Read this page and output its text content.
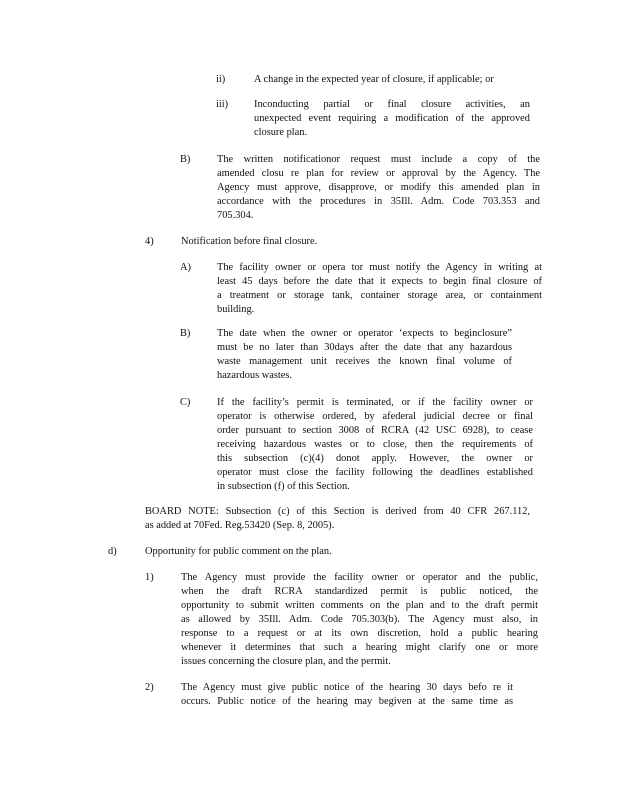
ii)	A change in the expected year of closure, if applicable; or
iii) Inconducting partial or final closure activities, an
unexpected event requiring a modification of the approved
closure plan.
B)	The written notificationor request must include a copy of the
amended closu re plan for review or approval by the Agency. The
Agency must approve, disapprove, or modify this amended plan in
accordance with the procedures in 35Ill. Adm. Code 703.353 and
705.304.
4)	Notification before final closure.
A)	The facility owner or opera tor must notify the Agency in writing at
least 45 days before the date that it expects to begin final closure of
a treatment or storage tank, container storage area, or containment
building.
B)	The date when the owner or operator ‘expects to beginclosure”
must be no later than 30days after the date that any hazardous
waste management unit receives the known final volume of
hazardous wastes.
C)	If the facility’s permit is terminated, or if the facility owner or
operator is otherwise ordered, by afederal judicial decree or final
order pursuant to section 3008 of RCRA (42 USC 6928), to cease
receiving hazardous wastes or to close, then the requirements of
this subsection (c)(4) donot apply. However, the owner or
operator must close the facility following the deadlines established
in subsection (f) of this Section.
BOARD NOTE: Subsection (c) of this Section is derived from 40 CFR 267.112,
as added at 70Fed. Reg.53420 (Sep. 8, 2005).
d)	Opportunity for public comment on the plan.
1)	The Agency must provide the facility owner or operator and the public,
when the draft RCRA standardized permit is public noticed, the
opportunity to submit written comments on the plan and to the draft permit
as allowed by 35Ill. Adm. Code 705.303(b). The Agency must also, in
response to a request or at its own discretion, hold a public hearing
whenever it determines that such a hearing might clarify one or more
issues concerning the closure plan, and the permit.
2)	The Agency must give public notice of the hearing 30 days befo re it
occurs. Public notice of the hearing may begiven at the same time as
